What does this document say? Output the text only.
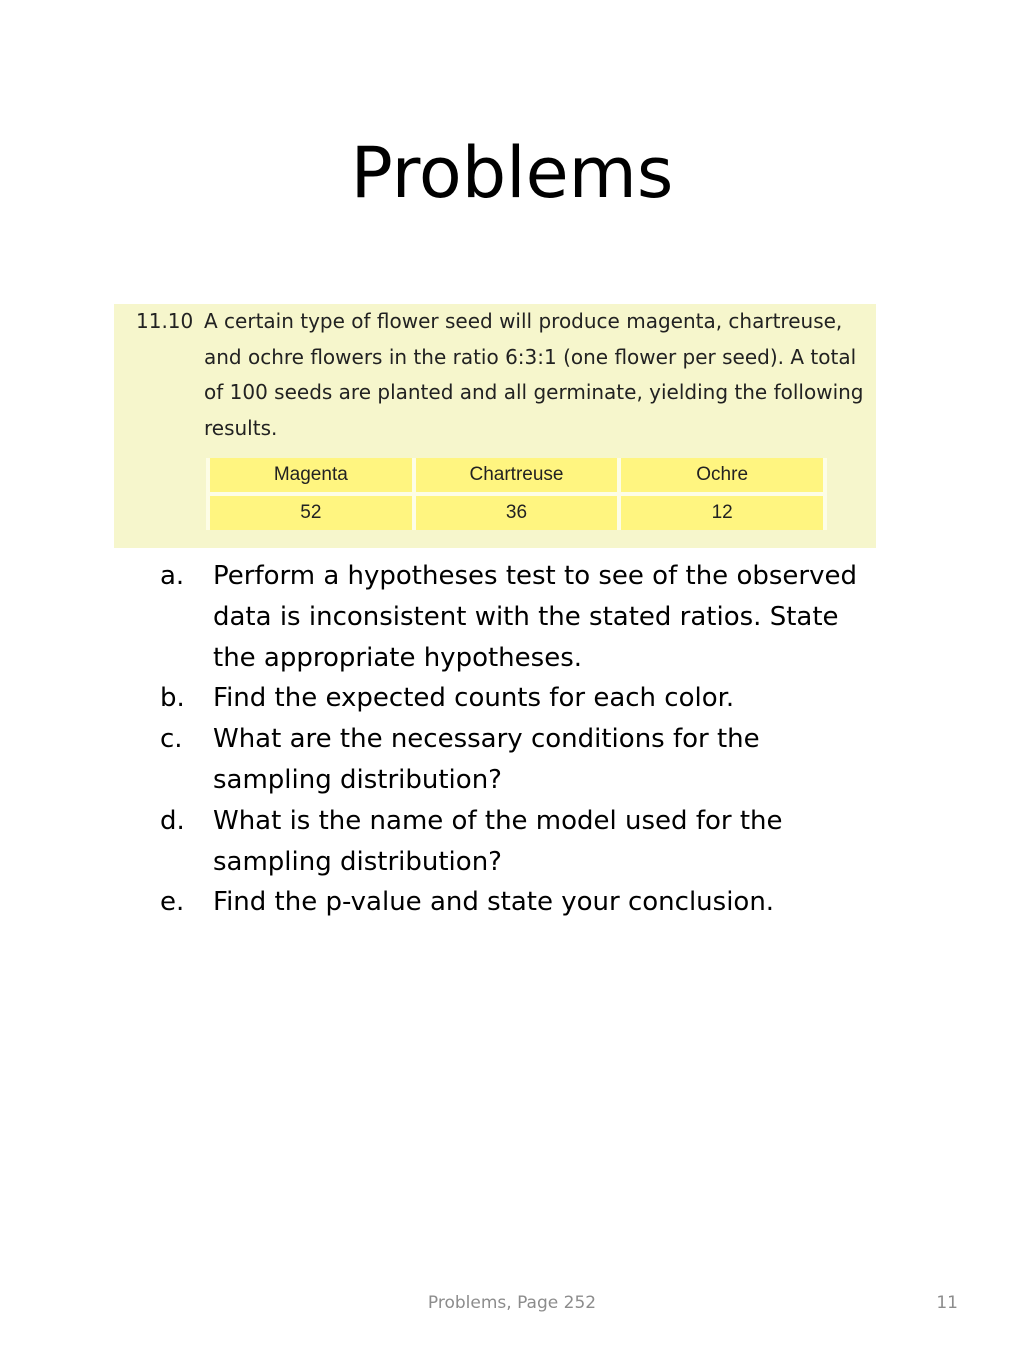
Problems
11.10 A certain type of flower seed will produce magenta, chartreuse, and ochre flowers in the ratio 6:3:1 (one flower per seed). A total of 100 seeds are planted and all germinate, yielding the following results.

Magenta	Chartreuse	Ochre
52	36	12
a. Perform a hypotheses test to see of the observed data is inconsistent with the stated ratios. State the appropriate hypotheses.
b. Find the expected counts for each color.
c. What are the necessary conditions for the sampling distribution?
d. What is the name of the model used for the sampling distribution?
e. Find the p-value and state your conclusion.
Problems, Page 252	11
